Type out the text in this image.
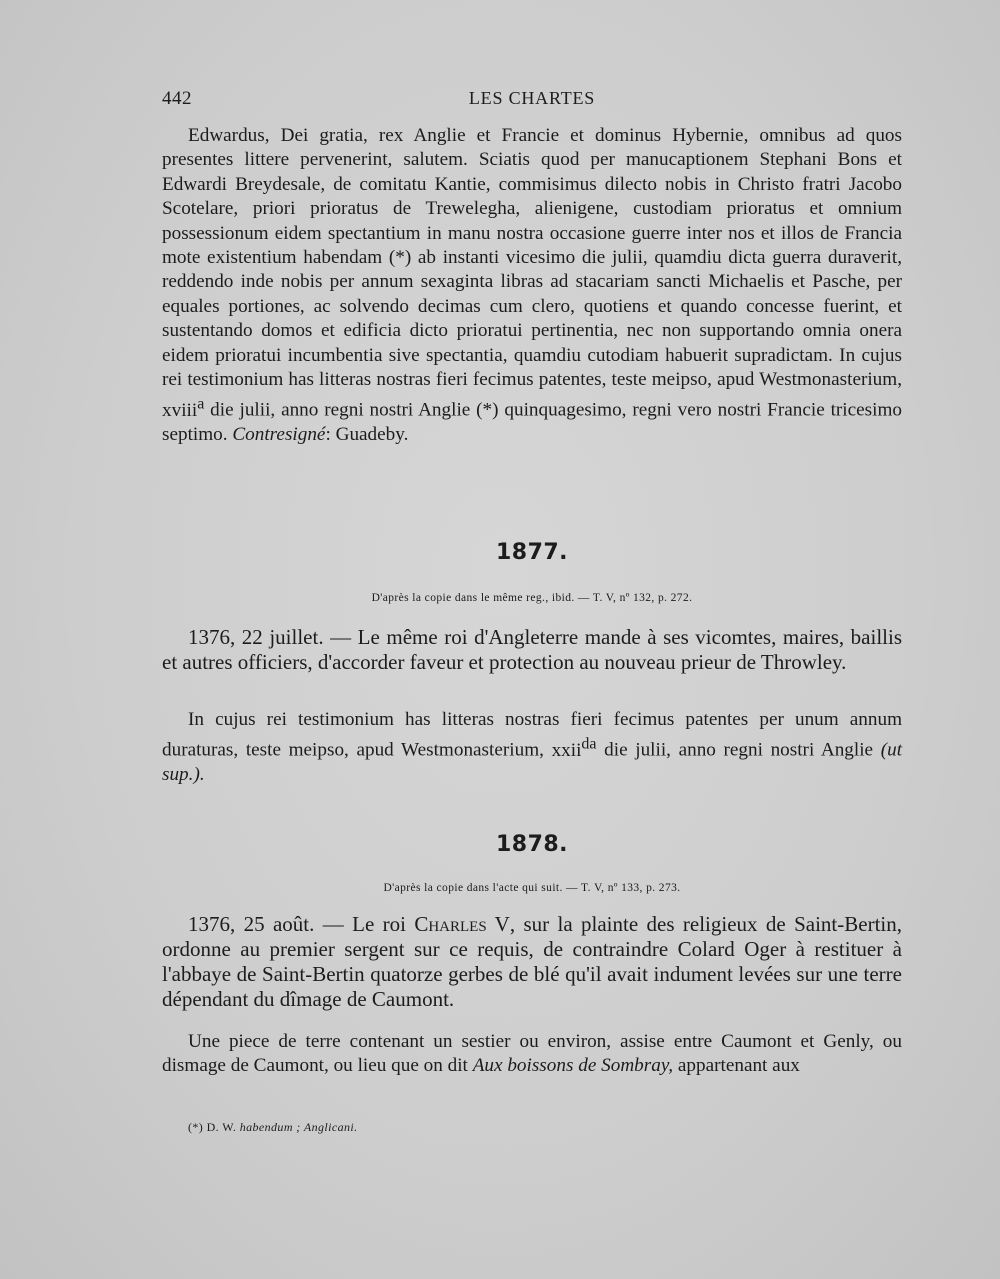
442	LES CHARTES

Edwardus, Dei gratia, rex Anglie et Francie et dominus Hybernie, omnibus ad quos presentes littere pervenerint, salutem. Sciatis quod per manucaptionem Stephani Bons et Edwardi Breydesale, de comitatu Kantie, commisimus dilecto nobis in Christo fratri Jacobo Scotelare, priori prioratus de Trewelegha, alienigene, custodiam prioratus et omnium possessionum eidem spectantium in manu nostra occasione guerre inter nos et illos de Francia mote existentium habendam (*) ab instanti vicesimo die julii, quamdiu dicta guerra duraverit, reddendo inde nobis per annum sexaginta libras ad stacariam sancti Michaelis et Pasche, per equales portiones, ac solvendo decimas cum clero, quotiens et quando concesse fuerint, et sustentando domos et edificia dicto prioratui pertinentia, nec non supportando omnia onera eidem prioratui incumbentia sive spectantia, quamdiu cutodiam habuerit supradictam. In cujus rei testimonium has litteras nostras fieri fecimus patentes, teste meipso, apud Westmonasterium, xviii$^a$ die julii, anno regni nostri Anglie (*) quinquagesimo, regni vero nostri Francie tricesimo septimo. Contresigné: Guadeby.

1877.
D'après la copie dans le même reg., ibid. — T. V, nº 132, p. 272.

1376, 22 juillet. — Le même roi d'Angleterre mande à ses vicomtes, maires, baillis et autres officiers, d'accorder faveur et protection au nouveau prieur de Throwley.

In cujus rei testimonium has litteras nostras fieri fecimus patentes per unum annum duraturas, teste meipso, apud Westmonasterium, xxii$^{da}$ die julii, anno regni nostri Anglie (ut sup.).

1878.
D'après la copie dans l'acte qui suit. — T. V, nº 133, p. 273.

1376, 25 août. — Le roi Charles V, sur la plainte des religieux de Saint-Bertin, ordonne au premier sergent sur ce requis, de contraindre Colard Oger à restituer à l'abbaye de Saint-Bertin quatorze gerbes de blé qu'il avait indument levées sur une terre dépendant du dîmage de Caumont.

Une piece de terre contenant un sestier ou environ, assise entre Caumont et Genly, ou dismage de Caumont, ou lieu que on dit Aux boissons de Sombray, appartenant aux

(*) D. W. habendum ; Anglicani.
